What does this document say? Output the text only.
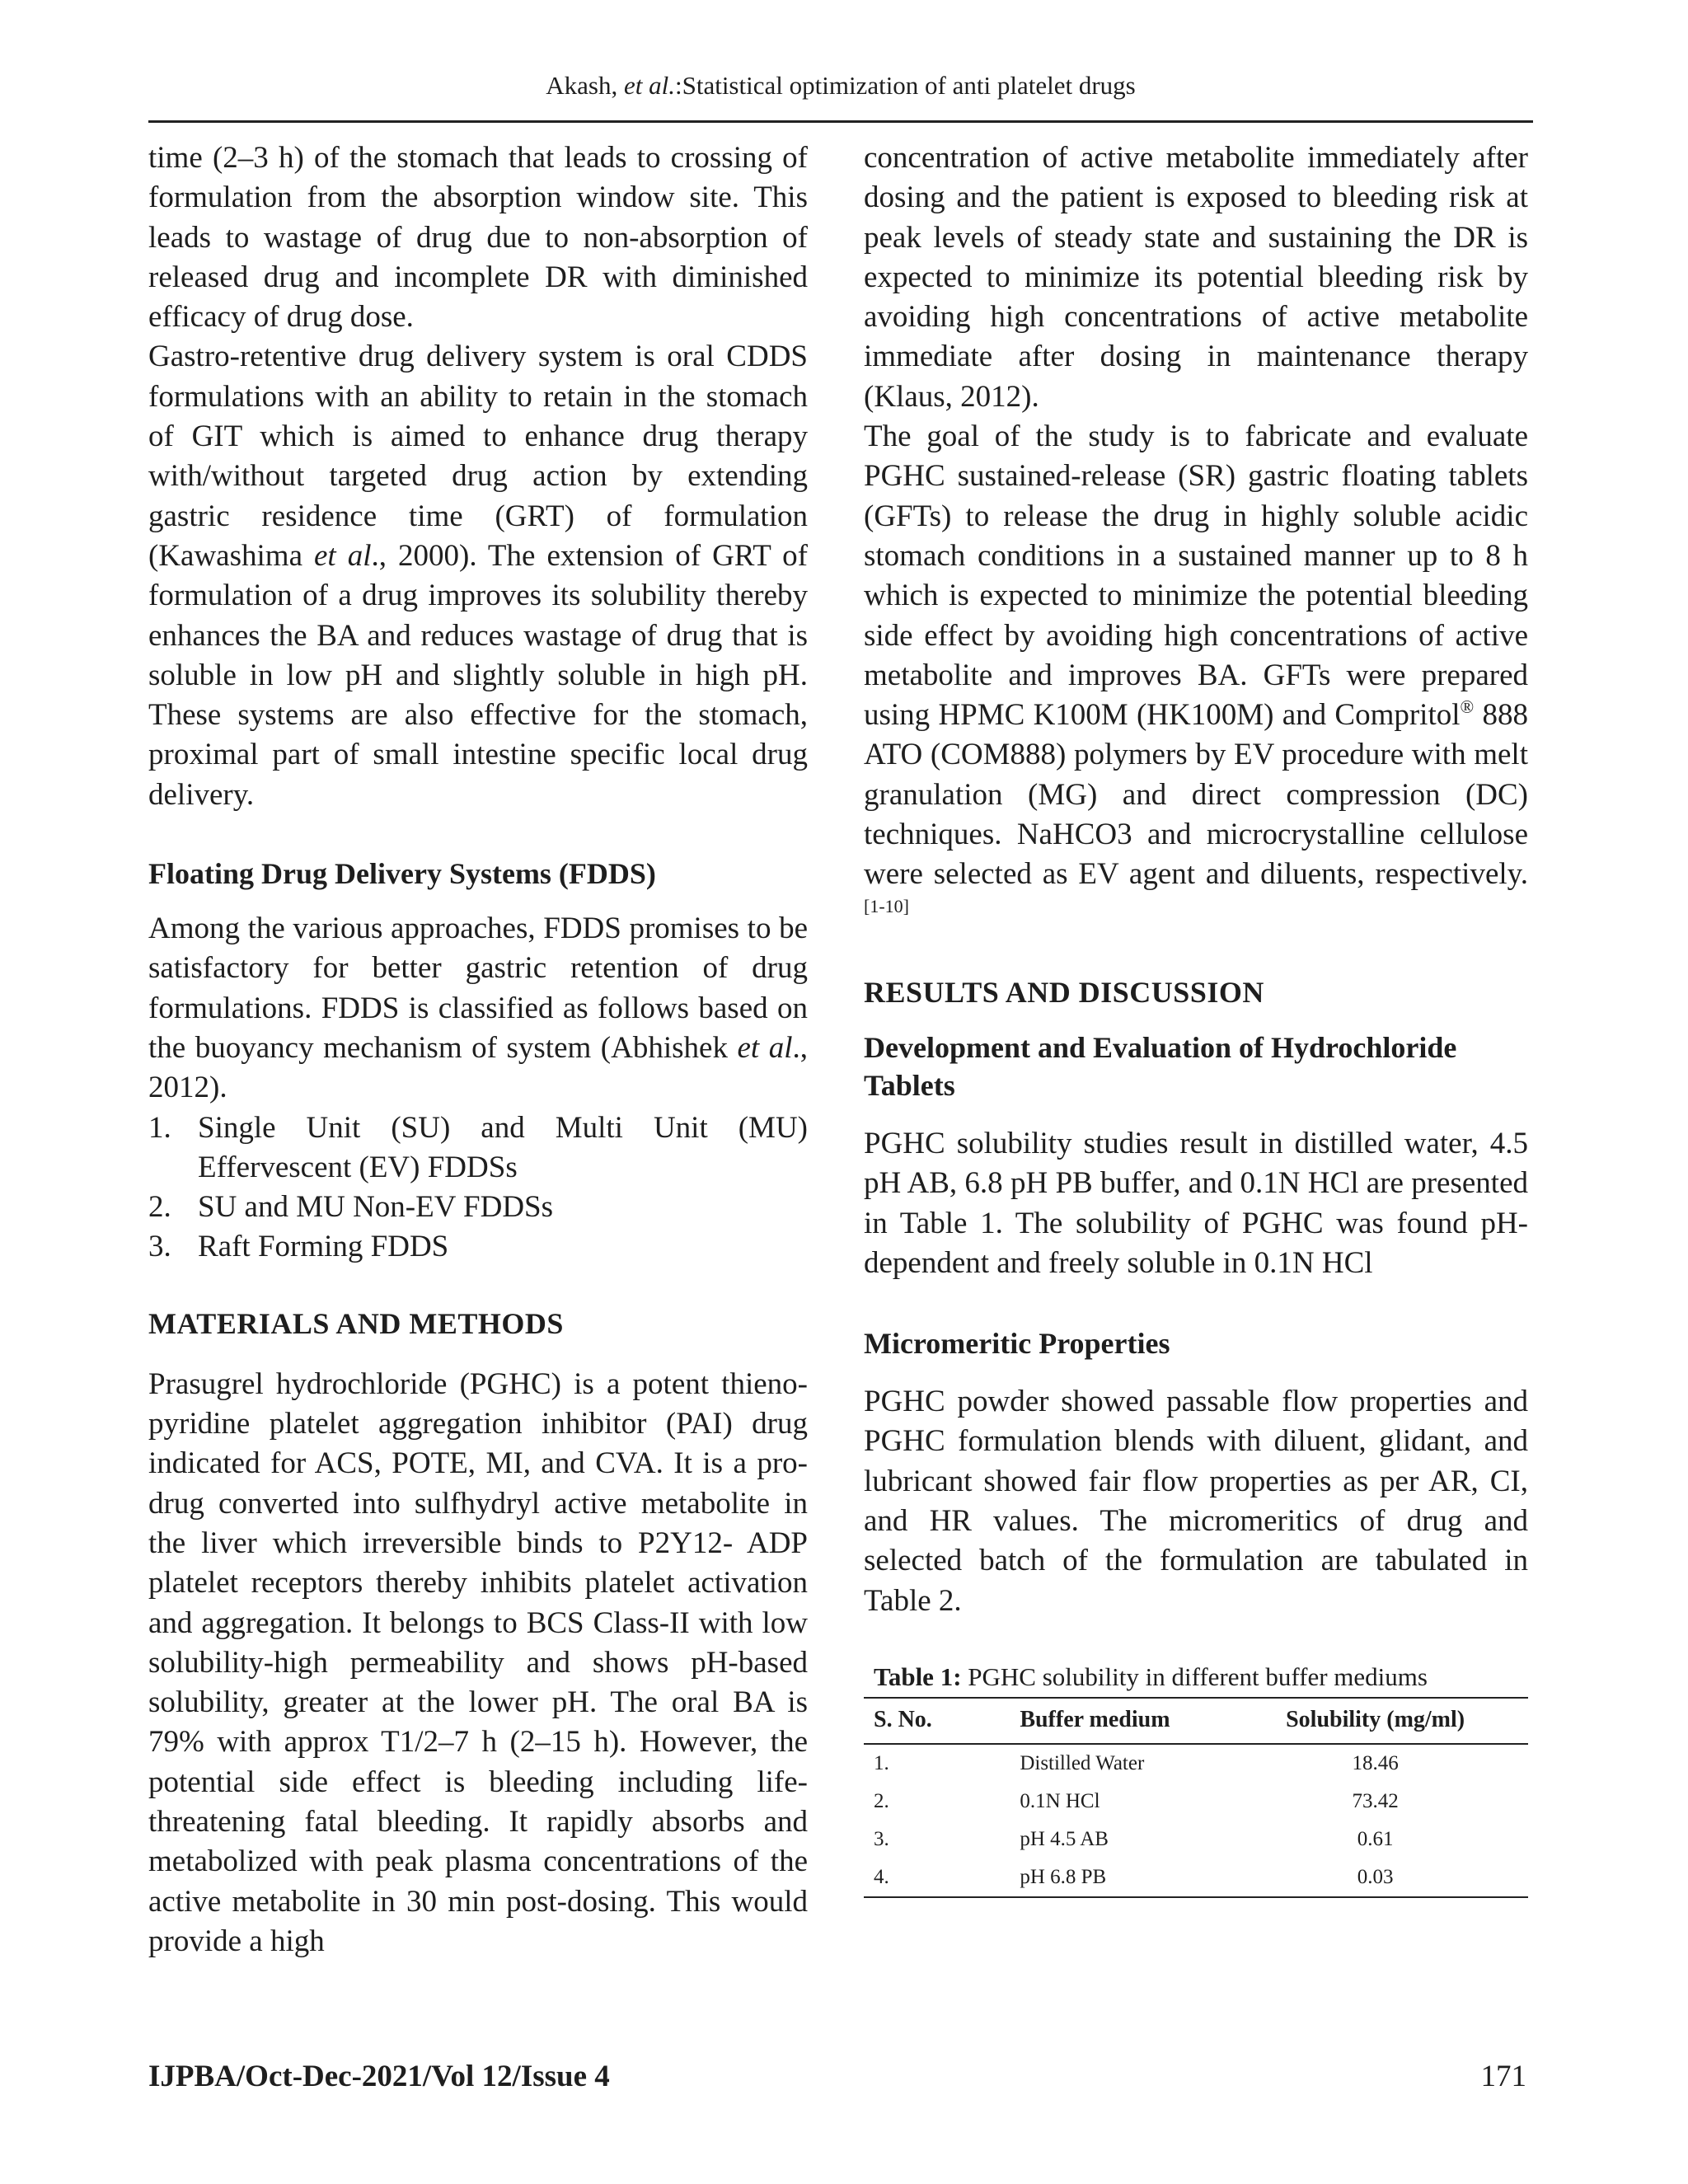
Akash, et al.:Statistical optimization of anti platelet drugs

time (2–3 h) of the stomach that leads to crossing of formulation from the absorption window site. This leads to wastage of drug due to non-absorption of released drug and incomplete DR with diminished efficacy of drug dose.

Gastro-retentive drug delivery system is oral CDDS formulations with an ability to retain in the stomach of GIT which is aimed to enhance drug therapy with/without targeted drug action by extending gastric residence time (GRT) of formulation (Kawashima et al., 2000). The extension of GRT of formulation of a drug improves its solubility thereby enhances the BA and reduces wastage of drug that is soluble in low pH and slightly soluble in high pH. These systems are also effective for the stomach, proximal part of small intestine specific local drug delivery.

Floating Drug Delivery Systems (FDDS)

Among the various approaches, FDDS promises to be satisfactory for better gastric retention of drug formulations. FDDS is classified as follows based on the buoyancy mechanism of system (Abhishek et al., 2012).

1. Single Unit (SU) and Multi Unit (MU) Effervescent (EV) FDDSs
2. SU and MU Non-EV FDDSs
3. Raft Forming FDDS
MATERIALS AND METHODS

Prasugrel hydrochloride (PGHC) is a potent thieno-pyridine platelet aggregation inhibitor (PAI) drug indicated for ACS, POTE, MI, and CVA. It is a pro-drug converted into sulfhydryl active metabolite in the liver which irreversible binds to P2Y12- ADP platelet receptors thereby inhibits platelet activation and aggregation. It belongs to BCS Class-II with low solubility-high permeability and shows pH-based solubility, greater at the lower pH. The oral BA is 79% with approx T1/2–7 h (2–15 h). However, the potential side effect is bleeding including life-threatening fatal bleeding. It rapidly absorbs and metabolized with peak plasma concentrations of the active metabolite in 30 min post-dosing. This would provide a high

concentration of active metabolite immediately after dosing and the patient is exposed to bleeding risk at peak levels of steady state and sustaining the DR is expected to minimize its potential bleeding risk by avoiding high concentrations of active metabolite immediate after dosing in maintenance therapy (Klaus, 2012).

The goal of the study is to fabricate and evaluate PGHC sustained-release (SR) gastric floating tablets (GFTs) to release the drug in highly soluble acidic stomach conditions in a sustained manner up to 8 h which is expected to minimize the potential bleeding side effect by avoiding high concentrations of active metabolite and improves BA. GFTs were prepared using HPMC K100M (HK100M) and Compritol® 888 ATO (COM888) polymers by EV procedure with melt granulation (MG) and direct compression (DC) techniques. NaHCO3 and microcrystalline cellulose were selected as EV agent and diluents, respectively.[1-10]

RESULTS AND DISCUSSION
Development and Evaluation of Hydrochloride Tablets

PGHC solubility studies result in distilled water, 4.5 pH AB, 6.8 pH PB buffer, and 0.1N HCl are presented in Table 1. The solubility of PGHC was found pH-dependent and freely soluble in 0.1N HCl

Micromeritic Properties

PGHC powder showed passable flow properties and PGHC formulation blends with diluent, glidant, and lubricant showed fair flow properties as per AR, CI, and HR values. The micromeritics of drug and selected batch of the formulation are tabulated in Table 2.

Table 1: PGHC solubility in different buffer mediums

S. No.	Buffer medium	Solubility (mg/ml)
1.	Distilled Water	18.46
2.	0.1N HCl	73.42
3.	pH 4.5 AB	0.61
4.	pH 6.8 PB	0.03
IJPBA/Oct-Dec-2021/Vol 12/Issue 4	171
